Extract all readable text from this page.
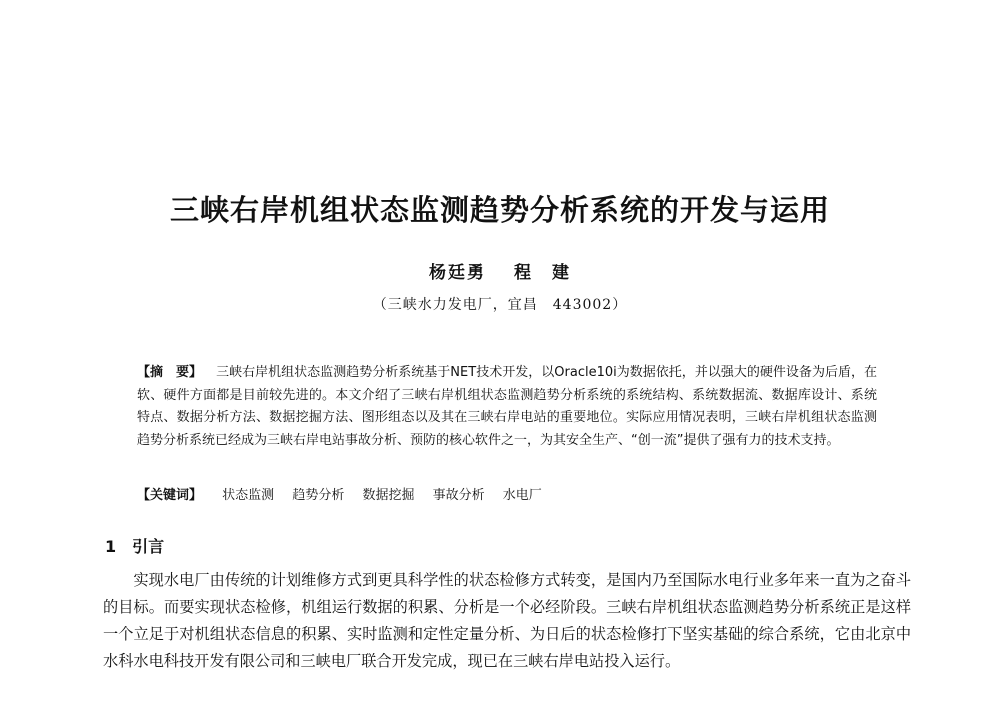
三峡右岸机组状态监测趋势分析系统的开发与运用
杨廷勇 程　建
（三峡水力发电厂，宜昌　443002）
【摘　要】 三峡右岸机组状态监测趋势分析系统基于NET技术开发，以Oracle10i为数据依托，并以强大的硬件设备为后盾，在软、硬件方面都是目前较先进的。本文介绍了三峡右岸机组状态监测趋势分析系统的系统结构、系统数据流、数据库设计、系统特点、数据分析方法、数据挖掘方法、图形组态以及其在三峡右岸电站的重要地位。实际应用情况表明，三峡右岸机组状态监测趋势分析系统已经成为三峡右岸电站事故分析、预防的核心软件之一，为其安全生产、“创一流”提供了强有力的技术支持。
【关键词】 状态监测 趋势分析 数据挖掘 事故分析 水电厂
1 引言
实现水电厂由传统的计划维修方式到更具科学性的状态检修方式转变，是国内乃至国际水电行业多年来一直为之奋斗的目标。而要实现状态检修，机组运行数据的积累、分析是一个必经阶段。三峡右岸机组状态监测趋势分析系统正是这样一个立足于对机组状态信息的积累、实时监测和定性定量分析、为日后的状态检修打下坚实基础的综合系统，它由北京中水科水电科技开发有限公司和三峡电厂联合开发完成，现已在三峡右岸电站投入运行。
